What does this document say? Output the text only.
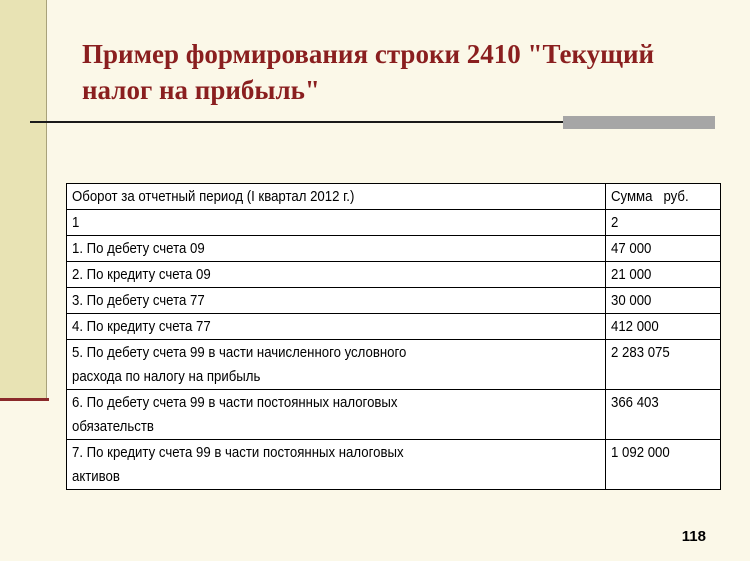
Пример формирования строки 2410 "Текущий налог на прибыль"
Оборот за отчетный период (I квартал 2012 г.)	Сумма   руб.
1	2
1. По дебету счета 09	47 000
2. По кредиту счета 09	21 000
3. По дебету счета 77	30 000
4. По кредиту счета 77	412 000
5. По дебету счета 99 в части начисленного условного
расхода по налогу на прибыль	2 283 075
6. По дебету счета 99 в части постоянных налоговых
обязательств	366 403
7. По кредиту счета 99 в части постоянных налоговых
активов	1 092 000
118
